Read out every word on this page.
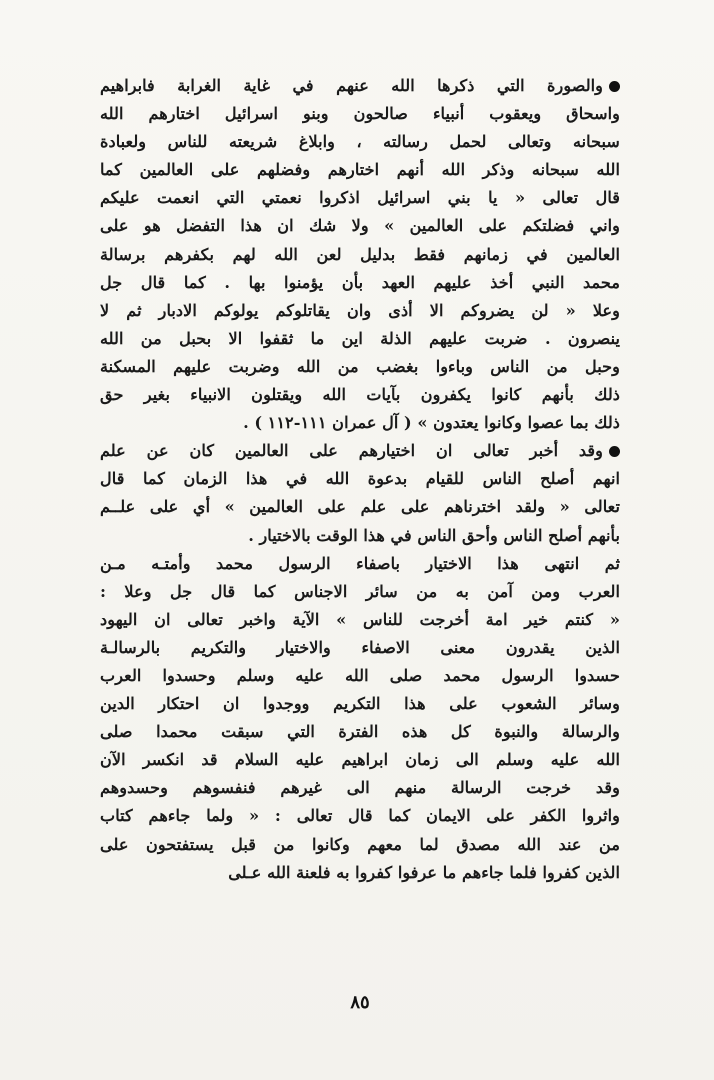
والصورة التي ذكرها الله عنهم في غاية الغرابة فابراهيم
واسحاق ويعقوب أنبياء صالحون وبنو اسرائيل اختارهم الله
سبحانه وتعالى لحمل رسالته ، وابلاغ شريعته للناس ولعبادة
الله سبحانه وذكر الله أنهم اختارهم وفضلهم على العالمين كما
قال تعالى « يا بني اسرائيل اذكروا نعمتي التي انعمت عليكم
واني فضلتكم على العالمين » ولا شك ان هذا التفضل هو على
العالمين في زمانهم فقط بدليل لعن الله لهم بكفرهم برسالة
محمد النبي أخذ عليهم العهد بأن يؤمنوا بها . كما قال جل
وعلا « لن يضروكم الا أذى وان يقاتلوكم يولوكم الادبار ثم لا
ينصرون . ضربت عليهم الذلة اين ما ثقفوا الا بحبل من الله
وحبل من الناس وباءوا بغضب من الله وضربت عليهم المسكنة
ذلك بأنهم كانوا يكفرون بآيات الله ويقتلون الانبياء بغير حق
ذلك بما عصوا وكانوا يعتدون » ( آل عمران ١١١-١١٢ ) .
وقد أخبر تعالى ان اختيارهم على العالمين كان عن علم
انهم أصلح الناس للقيام بدعوة الله في هذا الزمان كما قال
تعالى « ولقد اخترناهم على علم على العالمين » أي على علــم
بأنهم أصلح الناس وأحق الناس في هذا الوقت بالاختيار .
ثم انتهى هذا الاختيار باصفاء الرسول محمد وأمتـه مـن
العرب ومن آمن به من سائر الاجناس كما قال جل وعلا :
« كنتم خير امة أخرجت للناس » الآية واخبر تعالى ان اليهود
الذين يقدرون معنى الاصفاء والاختيار والتكريم بالرسالـة
حسدوا الرسول محمد صلى الله عليه وسلم وحسدوا العرب
وسائر الشعوب على هذا التكريم ووجدوا ان احتكار الدين
والرسالة والنبوة كل هذه الفترة التي سبقت محمدا صلى
الله عليه وسلم الى زمان ابراهيم عليه السلام قد انكسر الآن
وقد خرجت الرسالة منهم الى غيرهم فنفسوهم وحسدوهم
واثروا الكفر على الايمان كما قال تعالى : « ولما جاءهم كتاب
من عند الله مصدق لما معهم وكانوا من قبل يستفتحون على
الذين كفروا فلما جاءهم ما عرفوا كفروا به فلعنة الله عـلى
٨٥
